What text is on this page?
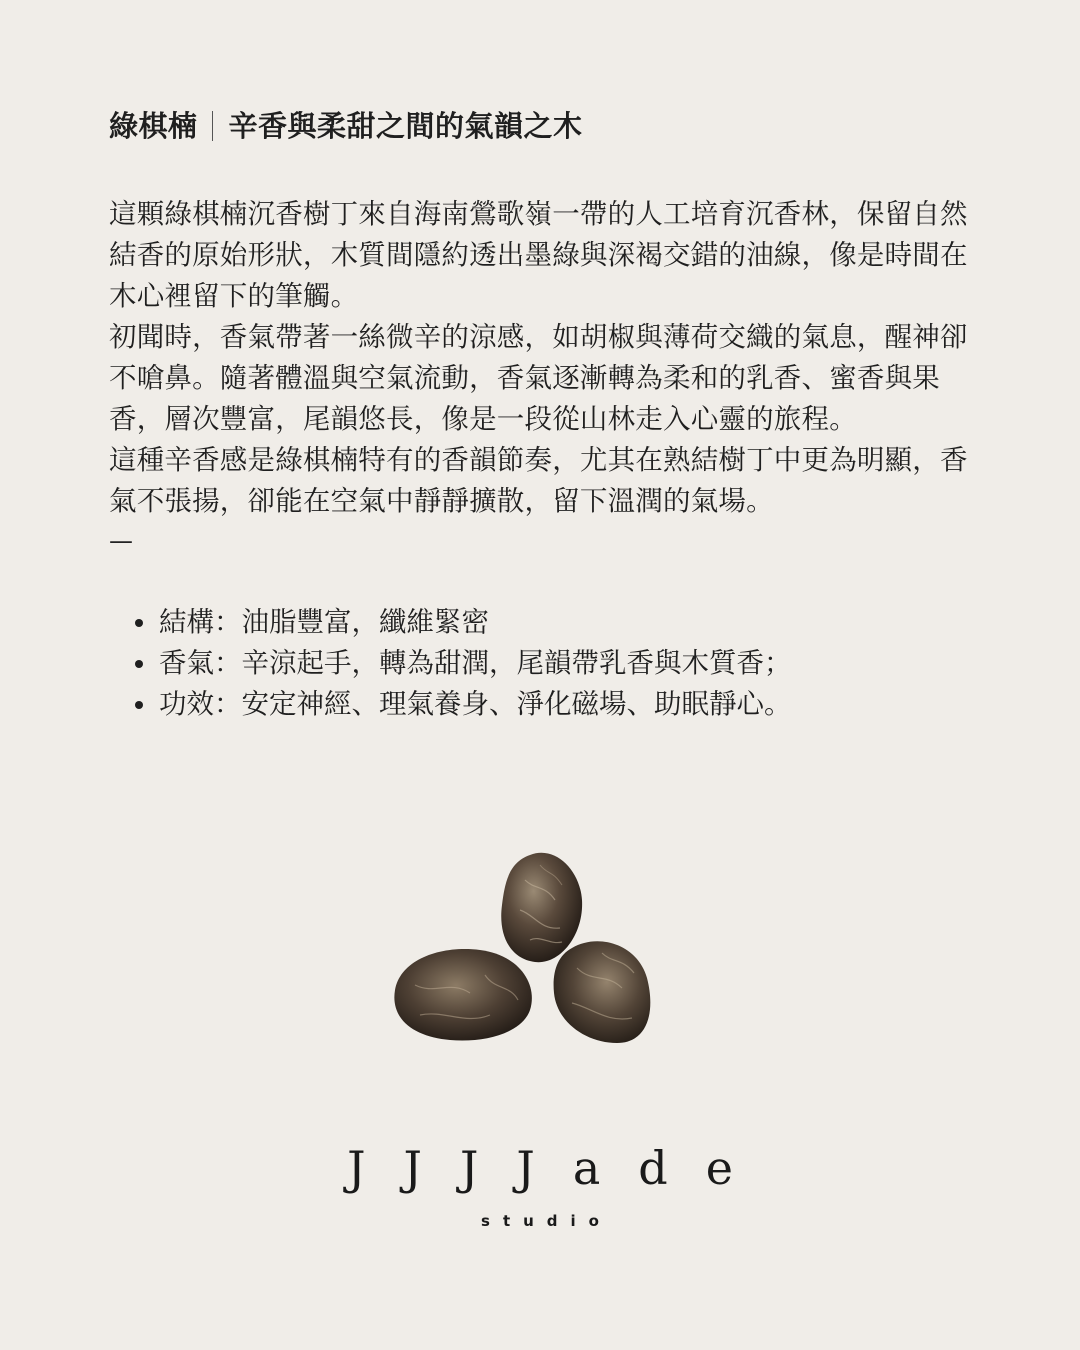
綠棋楠 辛香與柔甜之間的氣韻之木

這顆綠棋楠沉香樹丁來自海南鶯歌嶺一帶的人工培育沉香林，保留自然結香的原始形狀，木質間隱約透出墨綠與深褐交錯的油線，像是時間在木心裡留下的筆觸。

初聞時，香氣帶著一絲微辛的涼感，如胡椒與薄荷交織的氣息，醒神卻不嗆鼻。隨著體溫與空氣流動，香氣逐漸轉為柔和的乳香、蜜香與果香，層次豐富，尾韻悠長，像是一段從山林走入心靈的旅程。

這種辛香感是綠棋楠特有的香韻節奏，尤其在熟結樹丁中更為明顯，香氣不張揚，卻能在空氣中靜靜擴散，留下溫潤的氣場。

—
結構：油脂豐富，纖維緊密
香氣：辛涼起手，轉為甜潤，尾韻帶乳香與木質香；
功效：安定神經、理氣養身、淨化磁場、助眠靜心。
JJJJade
studio
